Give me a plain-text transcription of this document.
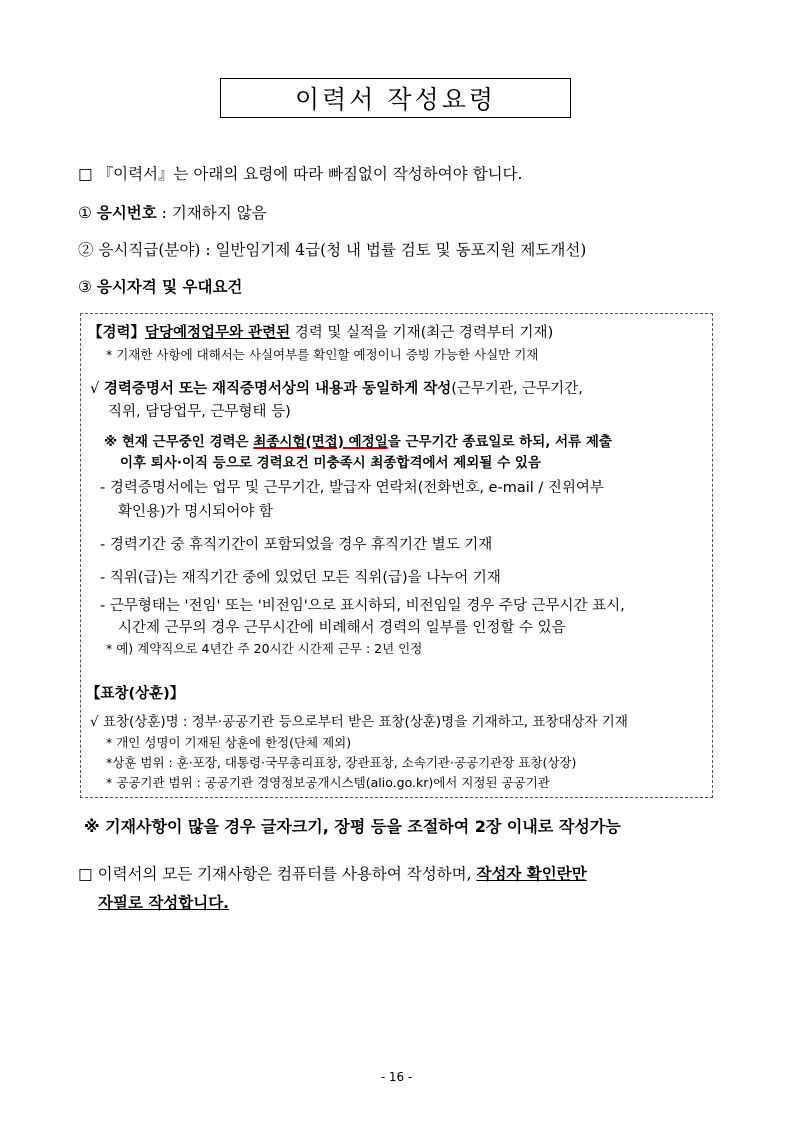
이력서 작성요령
□ 『이력서』는 아래의 요령에 따라 빠짐없이 작성하여야 합니다.
① 응시번호 : 기재하지 않음
② 응시직급(분야) : 일반임기제 4급(청 내 법률 검토 및 동포지원 제도개선)
③ 응시자격 및 우대요건
【경력】담당예정업무와 관련된 경력 및 실적을 기재(최근 경력부터 기재)
* 기재한 사항에 대해서는 사실여부를 확인할 예정이니 증빙 가능한 사실만 기재
√ 경력증명서 또는 재직증명서상의 내용과 동일하게 작성(근무기관, 근무기간,
직위, 담당업무, 근무형태 등)
※ 현재 근무중인 경력은 최종시험(면접) 예정일을 근무기간 종료일로 하되, 서류 제출
이후 퇴사·이직 등으로 경력요건 미충족시 최종합격에서 제외될 수 있음
- 경력증명서에는 업무 및 근무기간, 발급자 연락처(전화번호, e-mail / 진위여부
확인용)가 명시되어야 함
- 경력기간 중 휴직기간이 포함되었을 경우 휴직기간 별도 기재
- 직위(급)는 재직기간 중에 있었던 모든 직위(급)을 나누어 기재
- 근무형태는 '전임' 또는 '비전임'으로 표시하되, 비전임일 경우 주당 근무시간 표시,
시간제 근무의 경우 근무시간에 비례해서 경력의 일부를 인정할 수 있음
* 예) 계약직으로 4년간 주 20시간 시간제 근무 : 2년 인정
【표창(상훈)】
√ 표창(상훈)명 : 정부·공공기관 등으로부터 받은 표창(상훈)명을 기재하고, 표창대상자 기재
* 개인 성명이 기재된 상훈에 한정(단체 제외)
*상훈 범위 : 훈·포장, 대통령·국무총리표창, 장관표창, 소속기관·공공기관장 표창(상장)
* 공공기관 범위 : 공공기관 경영정보공개시스템(alio.go.kr)에서 지정된 공공기관
※ 기재사항이 많을 경우 글자크기, 장평 등을 조절하여 2장 이내로 작성가능
□ 이력서의 모든 기재사항은 컴퓨터를 사용하여 작성하며, 작성자 확인란만
자필로 작성합니다.
- 16 -
